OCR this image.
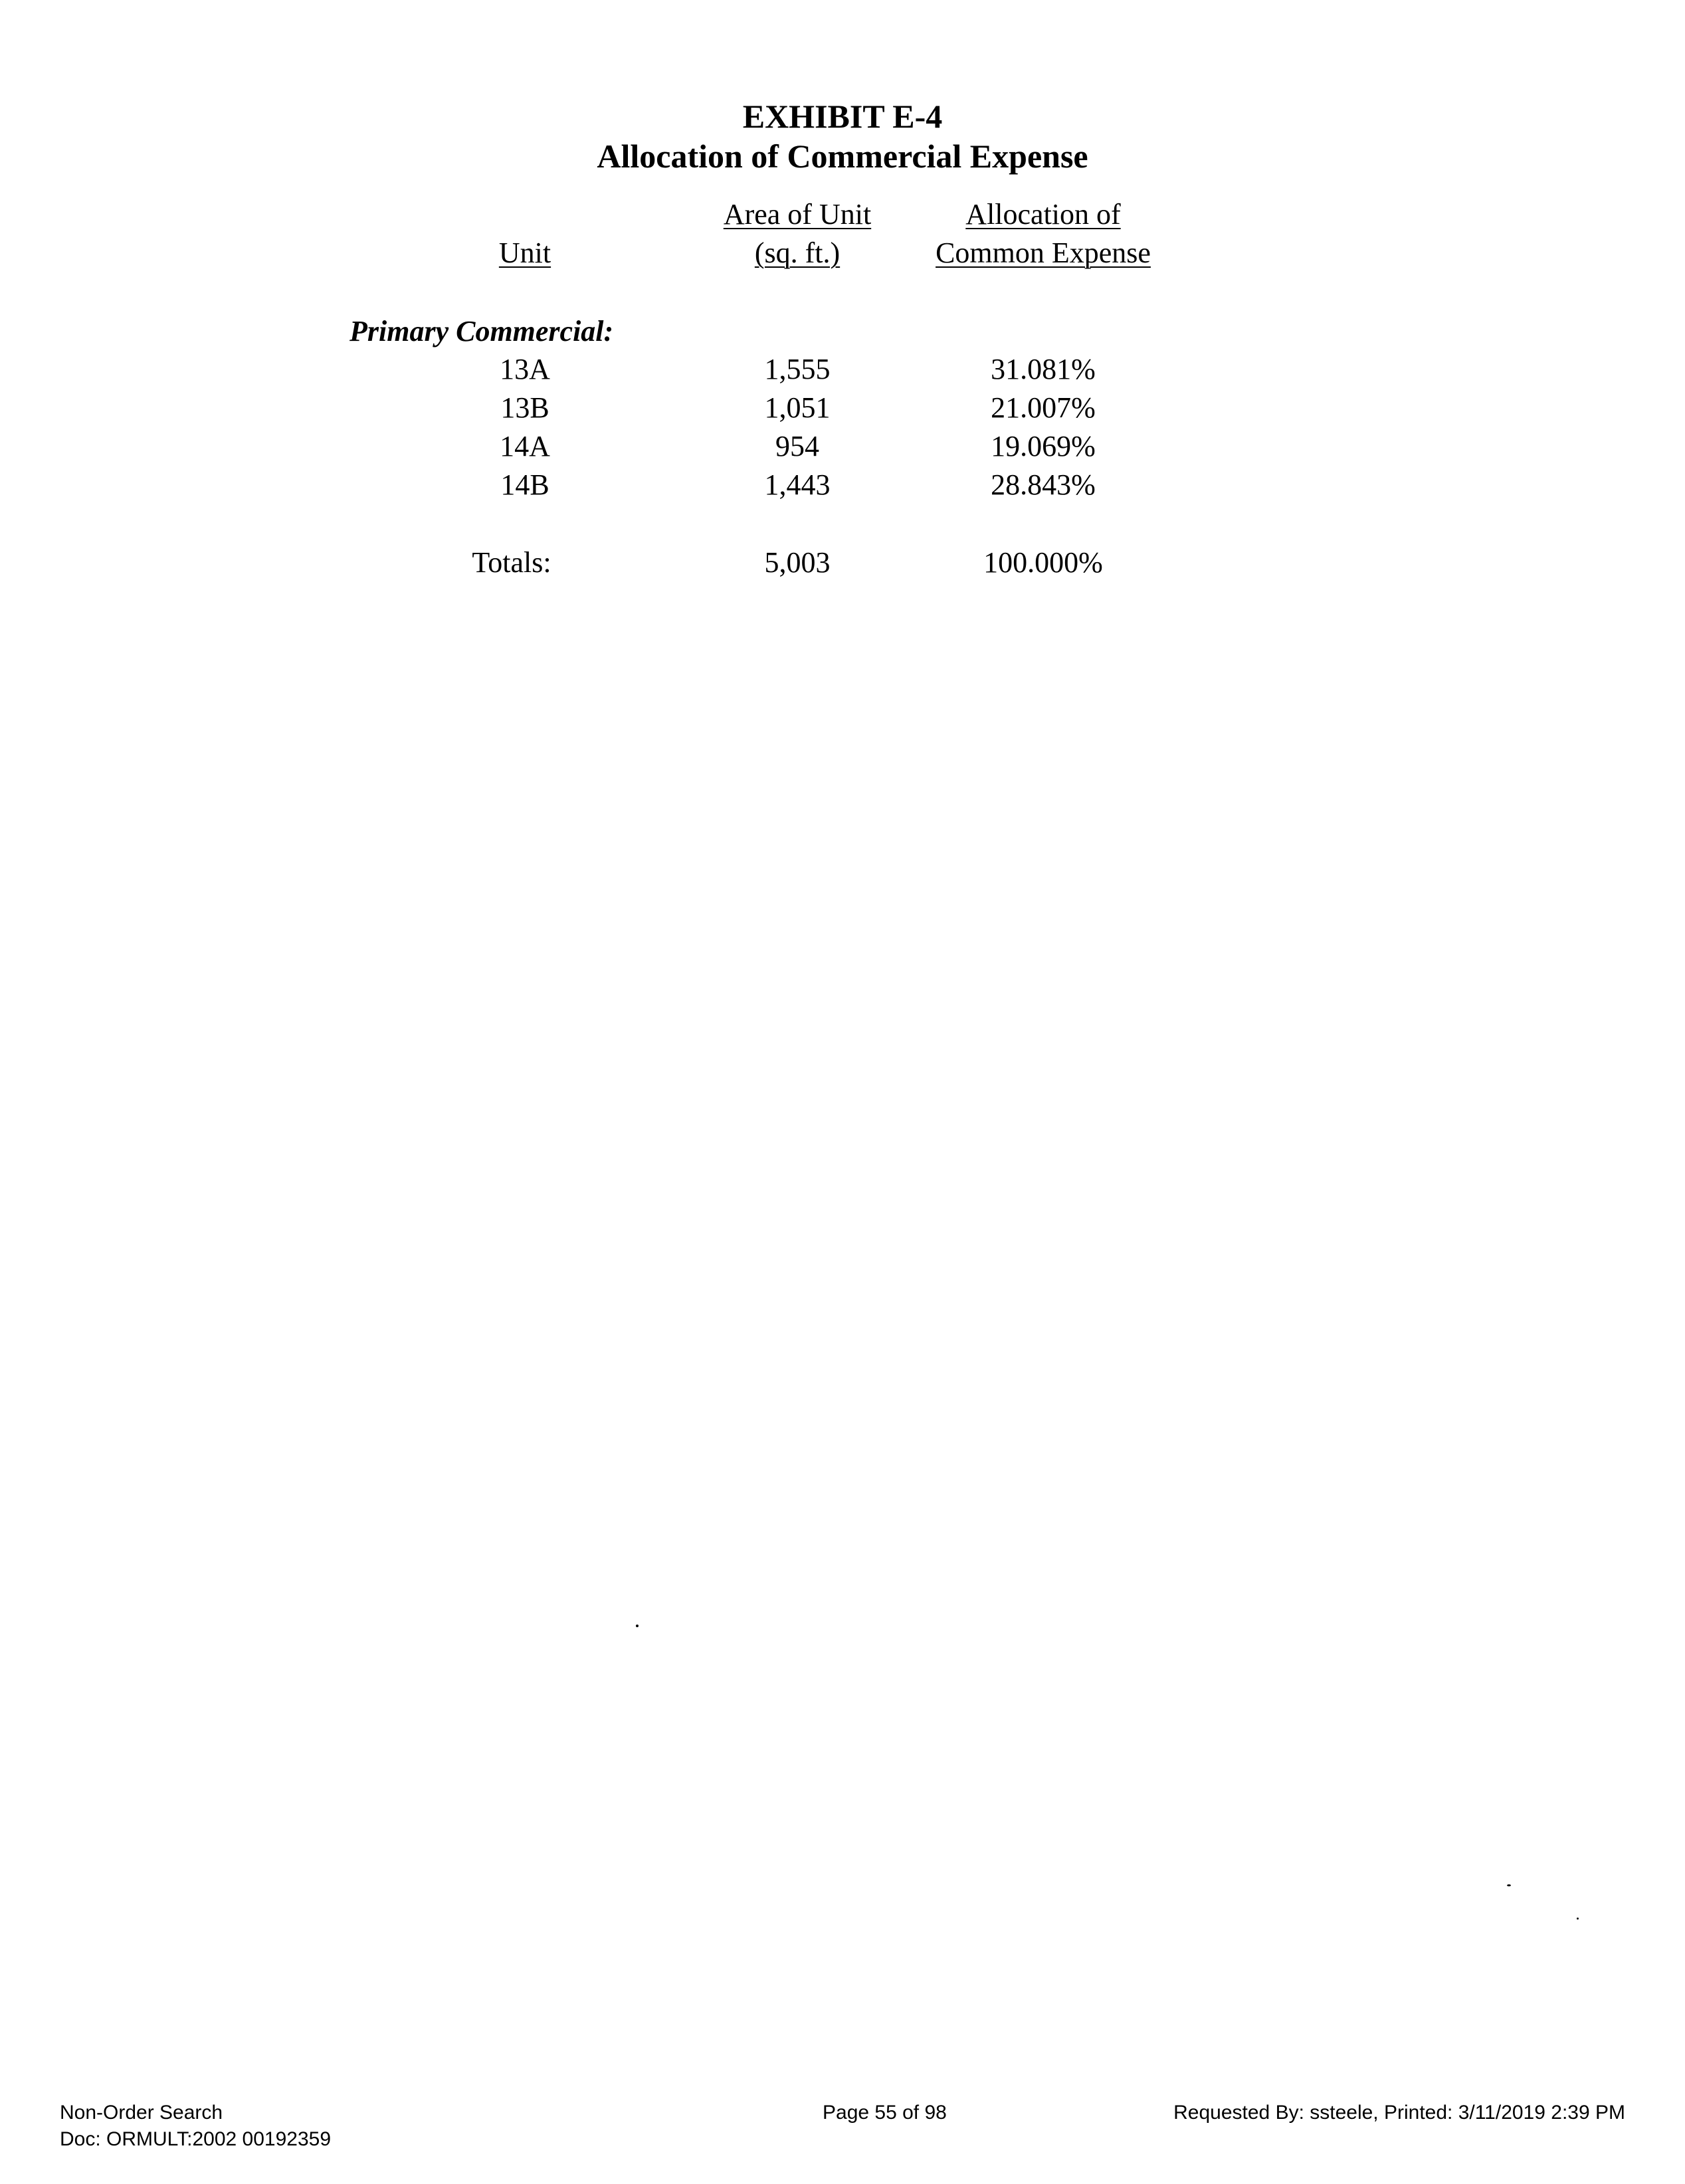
EXHIBIT E-4
Allocation of Commercial Expense
Unit
Area of Unit
(sq. ft.)
Allocation of
Common Expense
Primary Commercial:
13A	1,555	31.081%
13B	1,051	21.007%
14A	954	19.069%
14B	1,443	28.843%
Totals:	5,003	100.000%
Non-Order Search
Doc: ORMULT:2002 00192359
Page 55 of 98	Requested By: ssteele, Printed: 3/11/2019 2:39 PM
